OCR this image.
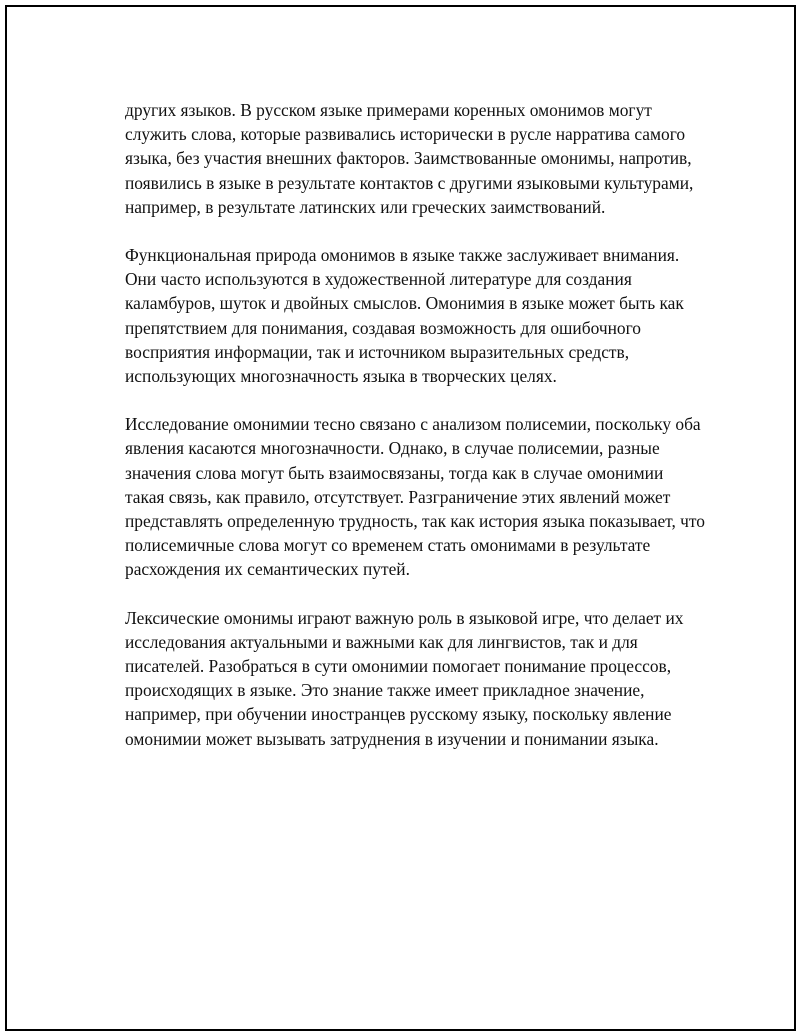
других языков. В русском языке примерами коренных омонимов могут служить слова, которые развивались исторически в русле нарратива самого языка, без участия внешних факторов. Заимствованные омонимы, напротив, появились в языке в результате контактов с другими языковыми культурами, например, в результате латинских или греческих заимствований.

Функциональная природа омонимов в языке также заслуживает внимания. Они часто используются в художественной литературе для создания каламбуров, шуток и двойных смыслов. Омонимия в языке может быть как препятствием для понимания, создавая возможность для ошибочного восприятия информации, так и источником выразительных средств, использующих многозначность языка в творческих целях.

Исследование омонимии тесно связано с анализом полисемии, поскольку оба явления касаются многозначности. Однако, в случае полисемии, разные значения слова могут быть взаимосвязаны, тогда как в случае омонимии такая связь, как правило, отсутствует. Разграничение этих явлений может представлять определенную трудность, так как история языка показывает, что полисемичные слова могут со временем стать омонимами в результате расхождения их семантических путей.

Лексические омонимы играют важную роль в языковой игре, что делает их исследования актуальными и важными как для лингвистов, так и для писателей. Разобраться в сути омонимии помогает понимание процессов, происходящих в языке. Это знание также имеет прикладное значение, например, при обучении иностранцев русскому языку, поскольку явление омонимии может вызывать затруднения в изучении и понимании языка.
